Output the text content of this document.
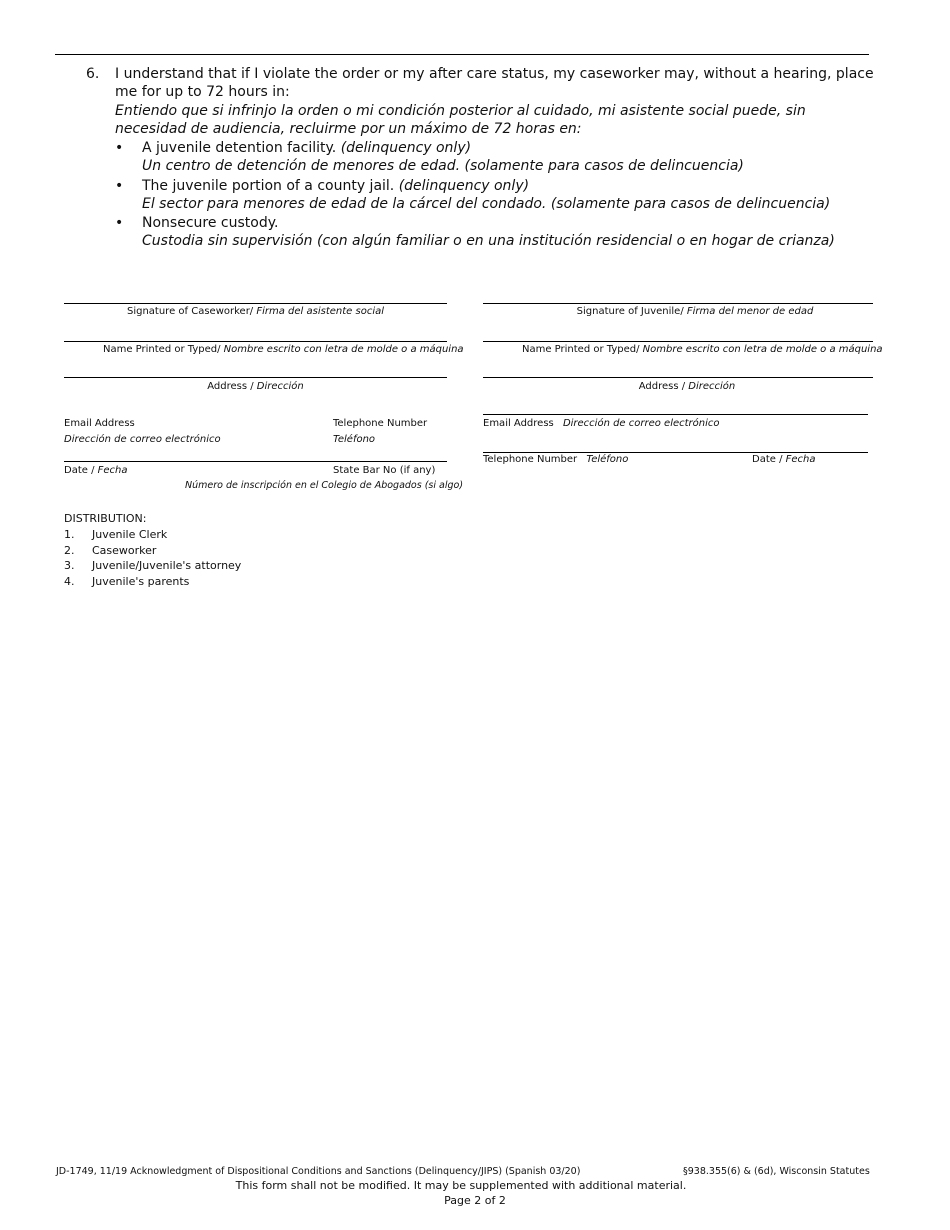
6. I understand that if I violate the order or my after care status, my caseworker may, without a hearing, place me for up to 72 hours in:
Entiendo que si infrinjo la orden o mi condición posterior al cuidado, mi asistente social puede, sin necesidad de audiencia, recluirme por un máximo de 72 horas en:
• A juvenile detention facility. (delinquency only)
Un centro de detención de menores de edad. (solamente para casos de delincuencia)
• The juvenile portion of a county jail. (delinquency only)
El sector para menores de edad de la cárcel del condado. (solamente para casos de delincuencia)
• Nonsecure custody.
Custodia sin supervisión (con algún familiar o en una institución residencial o en hogar de crianza)
Signature of Caseworker/ Firma del asistente social
Name Printed or Typed/ Nombre escrito con letra de molde o a máquina
Address / Dirección
Email Address
Dirección de correo electrónico
Telephone Number
Teléfono
Date / Fecha	State Bar No (if any)
Número de inscripción en el Colegio de Abogados (si algo)
Signature of Juvenile/ Firma del menor de edad
Name Printed or Typed/ Nombre escrito con letra de molde o a máquina
Address / Dirección
Email Address Dirección de correo electrónico
Telephone Number Teléfono	Date / Fecha
DISTRIBUTION:
1. Juvenile Clerk
2. Caseworker
3. Juvenile/Juvenile's attorney
4. Juvenile's parents
JD-1749, 11/19 Acknowledgment of Dispositional Conditions and Sanctions (Delinquency/JIPS) (Spanish 03/20)	§938.355(6) & (6d), Wisconsin Statutes
This form shall not be modified. It may be supplemented with additional material.
Page 2 of 2
